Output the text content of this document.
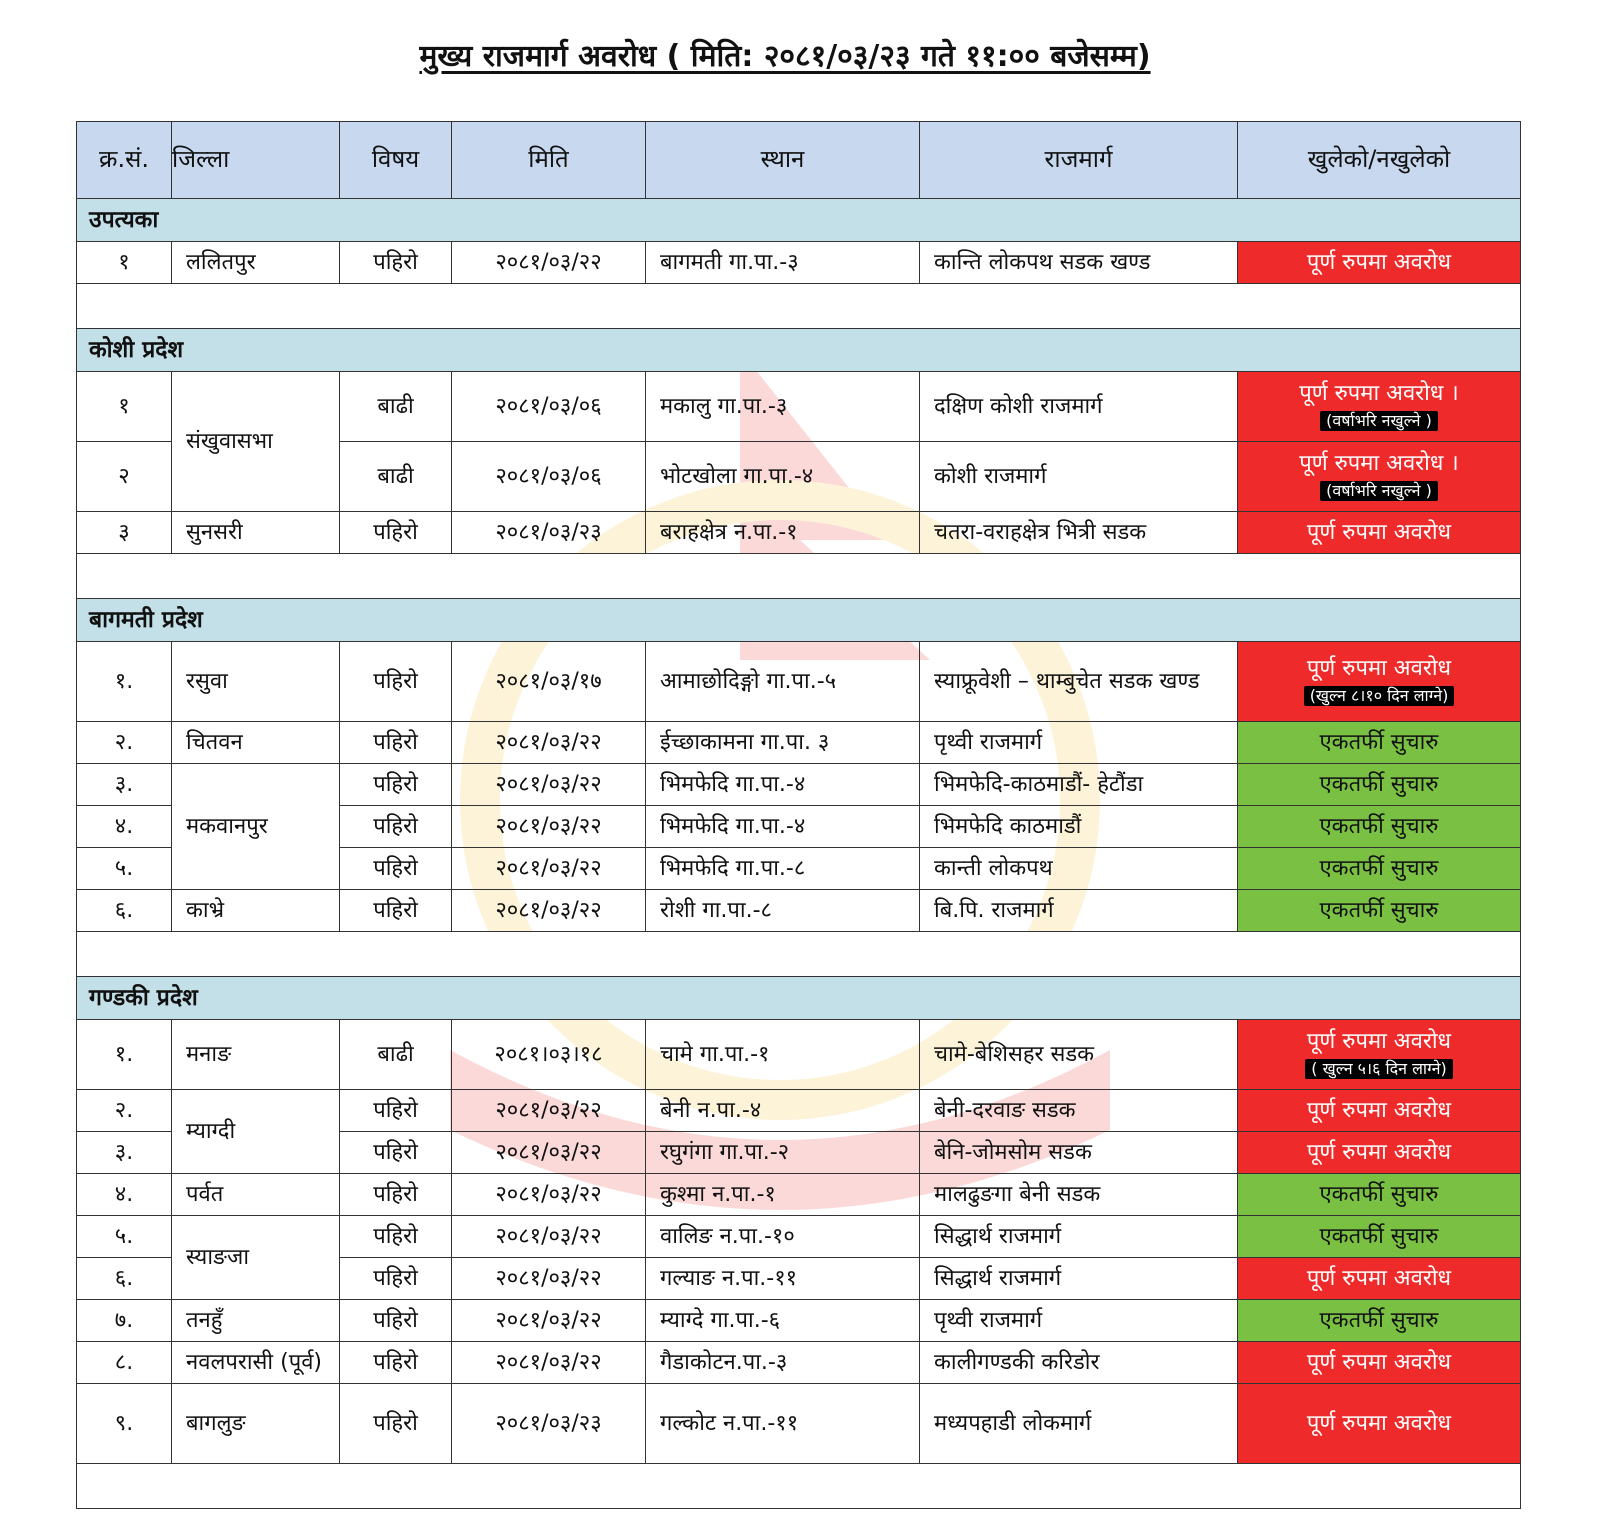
मुख्य राजमार्ग अवरोध ( मिति: २०८१/०३/२३ गते ११:०० बजेसम्म)
क्र.सं.	जिल्ला	विषय	मिति	स्थान	राजमार्ग	खुलेको/नखुलेको
उपत्यका						
१	ललितपुर	पहिरो	२०८१/०३/२२	बागमती गा.पा.-३	कान्ति लोकपथ सडक खण्ड	पूर्ण रुपमा अवरोध

कोशी प्रदेश						
१	संखुवासभा	बाढी	२०८१/०३/०६	मकालु गा.पा.-३	दक्षिण कोशी राजमार्ग	पूर्ण रुपमा अवरोध ।
(वर्षाभरि नखुल्ने )
२		बाढी	२०८१/०३/०६	भोटखोला गा.पा.-४	कोशी राजमार्ग	पूर्ण रुपमा अवरोध ।
(वर्षाभरि नखुल्ने )
३	सुनसरी	पहिरो	२०८१/०३/२३	बराहक्षेत्र न.पा.-१	चतरा-वराहक्षेत्र भित्री सडक	पूर्ण रुपमा अवरोध

बागमती प्रदेश						
१.	रसुवा	पहिरो	२०८१/०३/१७	आमाछोदिङ्गो गा.पा.-५	स्याफ्रूवेशी – थाम्बुचेत सडक खण्ड	पूर्ण रुपमा अवरोध
(खुल्न ८।१० दिन लाग्ने)
२.	चितवन	पहिरो	२०८१/०३/२२	ईच्छाकामना गा.पा. ३	पृथ्वी राजमार्ग	एकतर्फी सुचारु

३.	मकवानपुर	पहिरो	२०८१/०३/२२	भिमफेदि गा.पा.-४	भिमफेदि-काठमाडौं- हेटौंडा	एकतर्फी सुचारु

४.		पहिरो	२०८१/०३/२२	भिमफेदि गा.पा.-४	भिमफेदि काठमाडौं	एकतर्फी सुचारु

५.		पहिरो	२०८१/०३/२२	भिमफेदि गा.पा.-८	कान्ती लोकपथ	एकतर्फी सुचारु

६.	काभ्रे	पहिरो	२०८१/०३/२२	रोशी गा.पा.-८	बि.पि. राजमार्ग	एकतर्फी सुचारु

गण्डकी प्रदेश						
१.	मनाङ	बाढी	२०८१।०३।१८	चामे गा.पा.-१	चामे-बेशिसहर सडक	पूर्ण रुपमा अवरोध
( खुल्न ५।६ दिन लाग्ने)
२.	म्याग्दी	पहिरो	२०८१/०३/२२	बेनी न.पा.-४	बेनी-दरवाङ सडक	पूर्ण रुपमा अवरोध

३.		पहिरो	२०८१/०३/२२	रघुगंगा गा.पा.-२	बेनि-जोमसोम सडक	पूर्ण रुपमा अवरोध

४.	पर्वत	पहिरो	२०८१/०३/२२	कुश्मा न.पा.-१	मालढुङगा बेनी सडक	एकतर्फी सुचारु

५.	स्याङजा	पहिरो	२०८१/०३/२२	वालिङ न.पा.-१०	सिद्धार्थ राजमार्ग	एकतर्फी सुचारु

६.		पहिरो	२०८१/०३/२२	गल्याङ न.पा.-११	सिद्धार्थ राजमार्ग	पूर्ण रुपमा अवरोध

७.	तनहुँ	पहिरो	२०८१/०३/२२	म्याग्दे गा.पा.-६	पृथ्वी राजमार्ग	एकतर्फी सुचारु

८.	नवलपरासी (पूर्व)	पहिरो	२०८१/०३/२२	गैडाकोटन.पा.-३	कालीगण्डकी करिडोर	पूर्ण रुपमा अवरोध

९.	बागलुङ	पहिरो	२०८१/०३/२३	गल्कोट न.पा.-११	मध्यपहाडी लोकमार्ग	पूर्ण रुपमा अवरोध
